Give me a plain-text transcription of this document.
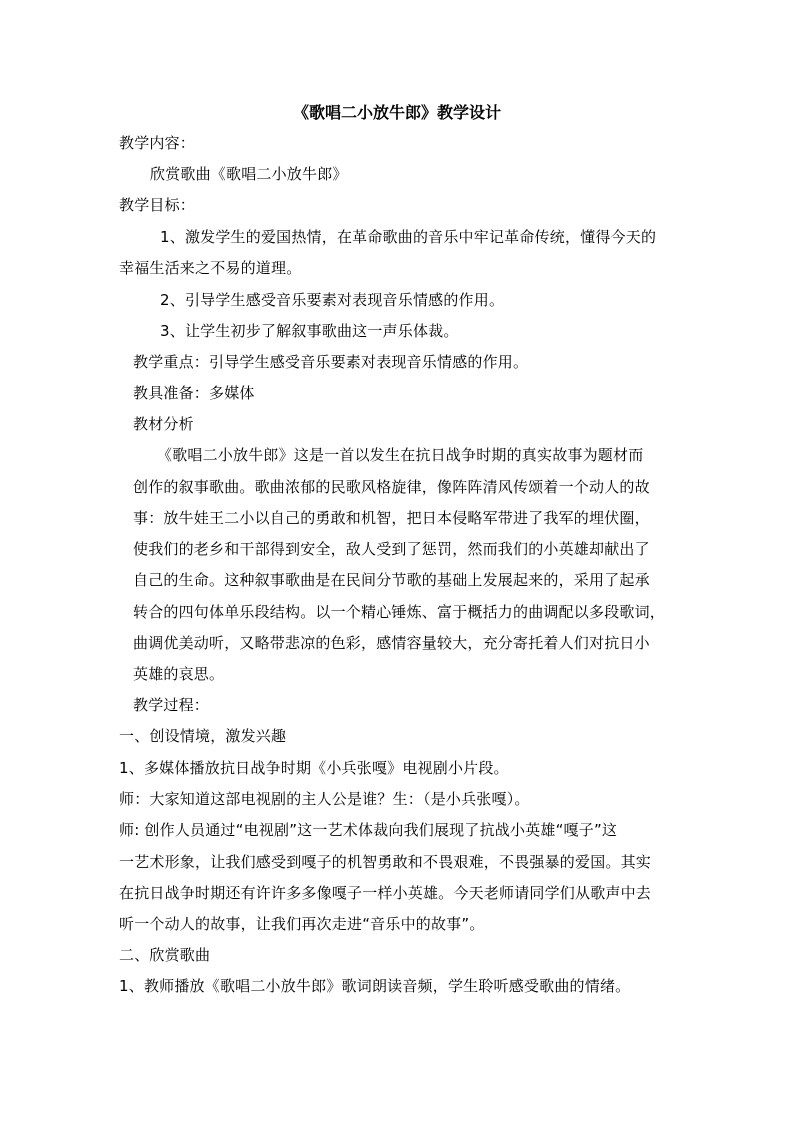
《歌唱二小放牛郎》教学设计
教学内容：
欣赏歌曲《歌唱二小放牛郎》
教学目标：
1、激发学生的爱国热情，在革命歌曲的音乐中牢记革命传统，懂得今天的
幸福生活来之不易的道理。
2、引导学生感受音乐要素对表现音乐情感的作用。
3、让学生初步了解叙事歌曲这一声乐体裁。
教学重点：引导学生感受音乐要素对表现音乐情感的作用。
教具准备：多媒体
教材分析
《歌唱二小放牛郎》这是一首以发生在抗日战争时期的真实故事为题材而
创作的叙事歌曲。歌曲浓郁的民歌风格旋律，像阵阵清风传颂着一个动人的故
事：放牛娃王二小以自己的勇敢和机智，把日本侵略军带进了我军的埋伏圈，
使我们的老乡和干部得到安全，敌人受到了惩罚，然而我们的小英雄却献出了
自己的生命。这种叙事歌曲是在民间分节歌的基础上发展起来的，采用了起承
转合的四句体单乐段结构。以一个精心锤炼、富于概括力的曲调配以多段歌词，
曲调优美动听，又略带悲凉的色彩，感情容量较大，充分寄托着人们对抗日小
英雄的哀思。
教学过程：
一、创设情境，激发兴趣
1、多媒体播放抗日战争时期《小兵张嘎》电视剧小片段。
师：大家知道这部电视剧的主人公是谁？生：（是小兵张嘎）。
师: 创作人员通过“电视剧”这一艺术体裁向我们展现了抗战小英雄“嘎子”这
一艺术形象，让我们感受到嘎子的机智勇敢和不畏艰难，不畏强暴的爱国。其实
在抗日战争时期还有许许多多像嘎子一样小英雄。今天老师请同学们从歌声中去
听一个动人的故事，让我们再次走进“音乐中的故事”。
二、欣赏歌曲
1、教师播放《歌唱二小放牛郎》歌词朗读音频，学生聆听感受歌曲的情绪。
